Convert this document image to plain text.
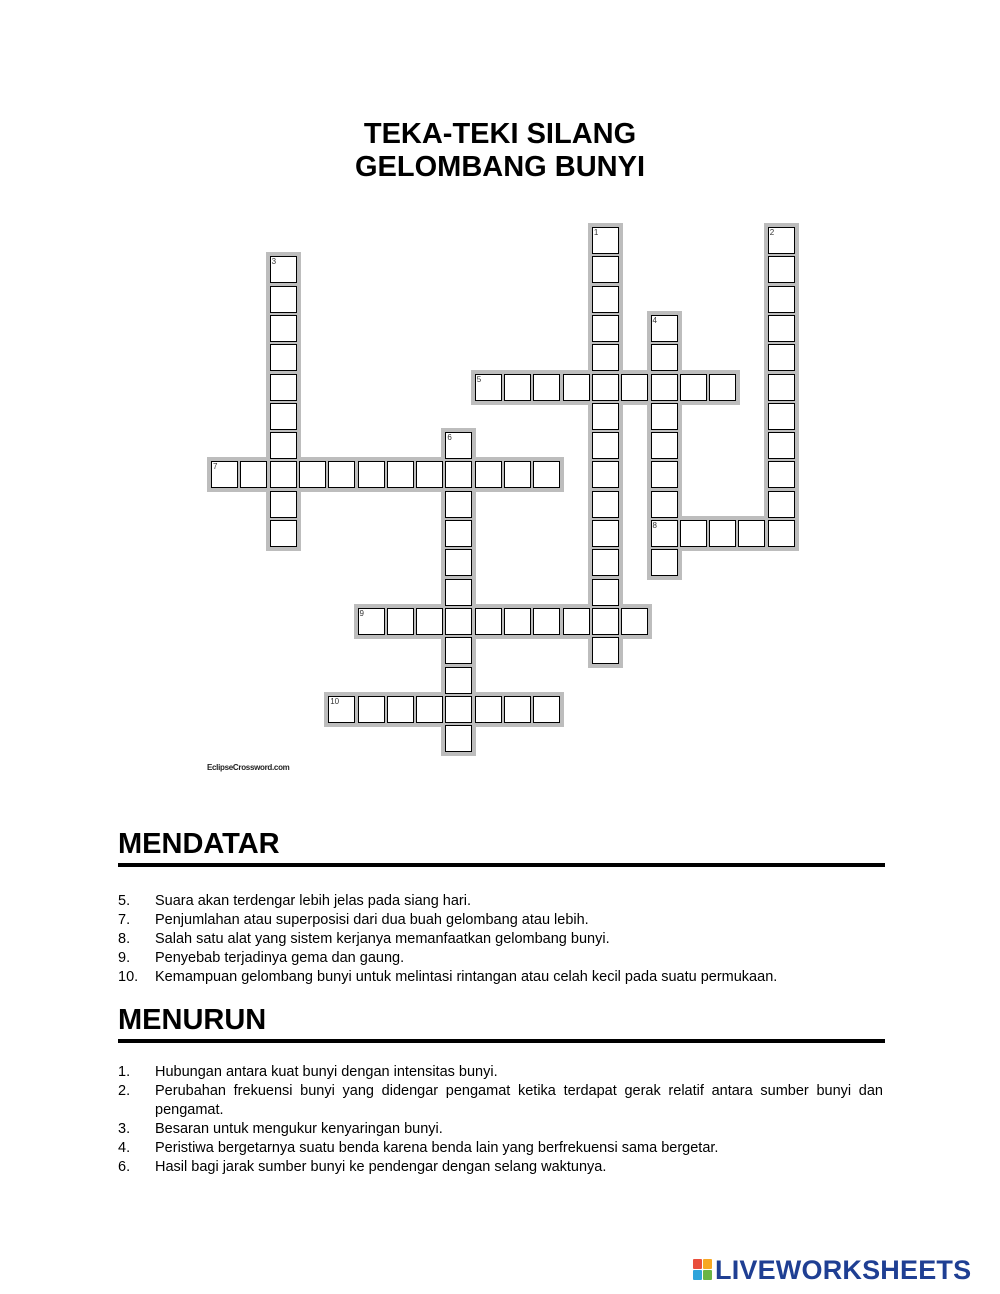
TEKA-TEKI SILANG
GELOMBANG BUNYI
1	2
3
4
5
6
7
8
9
10
EclipseCrossword.com
MENDATAR
5.	Suara akan terdengar lebih jelas pada siang hari.
7.	Penjumlahan atau superposisi dari dua buah gelombang atau lebih.
8.	Salah satu alat yang sistem kerjanya memanfaatkan gelombang bunyi.
9.	Penyebab terjadinya gema dan gaung.
10.	Kemampuan gelombang bunyi untuk melintasi rintangan atau celah kecil pada suatu permukaan.
MENURUN
1.	Hubungan antara kuat bunyi dengan intensitas bunyi.
2.	Perubahan frekuensi bunyi yang didengar pengamat ketika terdapat gerak relatif antara sumber bunyi dan pengamat.
3.	Besaran untuk mengukur kenyaringan bunyi.
4.	Peristiwa bergetarnya suatu benda karena benda lain yang berfrekuensi sama bergetar.
6.	Hasil bagi jarak sumber bunyi ke pendengar dengan selang waktunya.
LIVEWORKSHEETS
